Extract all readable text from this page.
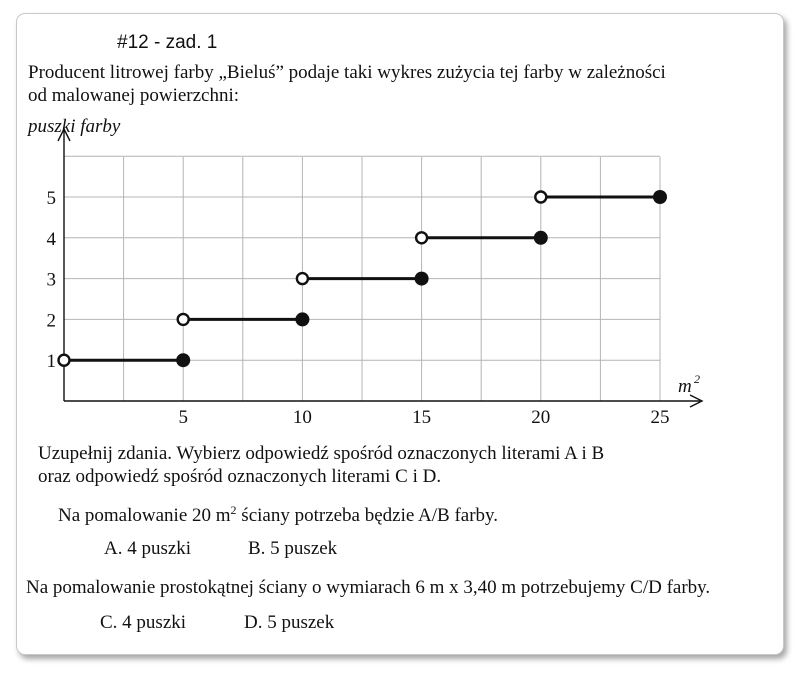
#12 - zad. 1
Producent litrowej farby „Bieluś” podaje taki wykres zużycia tej farby w zależności
od malowanej powierzchni:
puszki farby
m 2
5	10	15	20	25
1
2
3
4
5
Uzupełnij zdania. Wybierz odpowiedź spośród oznaczonych literami A i B
oraz odpowiedź spośród oznaczonych literami C i D.
Na pomalowanie 20 $m^2$ ściany potrzeba będzie A/B farby.
A. 4 puszki	B. 5 puszek
Na pomalowanie prostokątnej ściany o wymiarach 6 m x 3,40 m potrzebujemy C/D farby.
C. 4 puszki	D. 5 puszek
